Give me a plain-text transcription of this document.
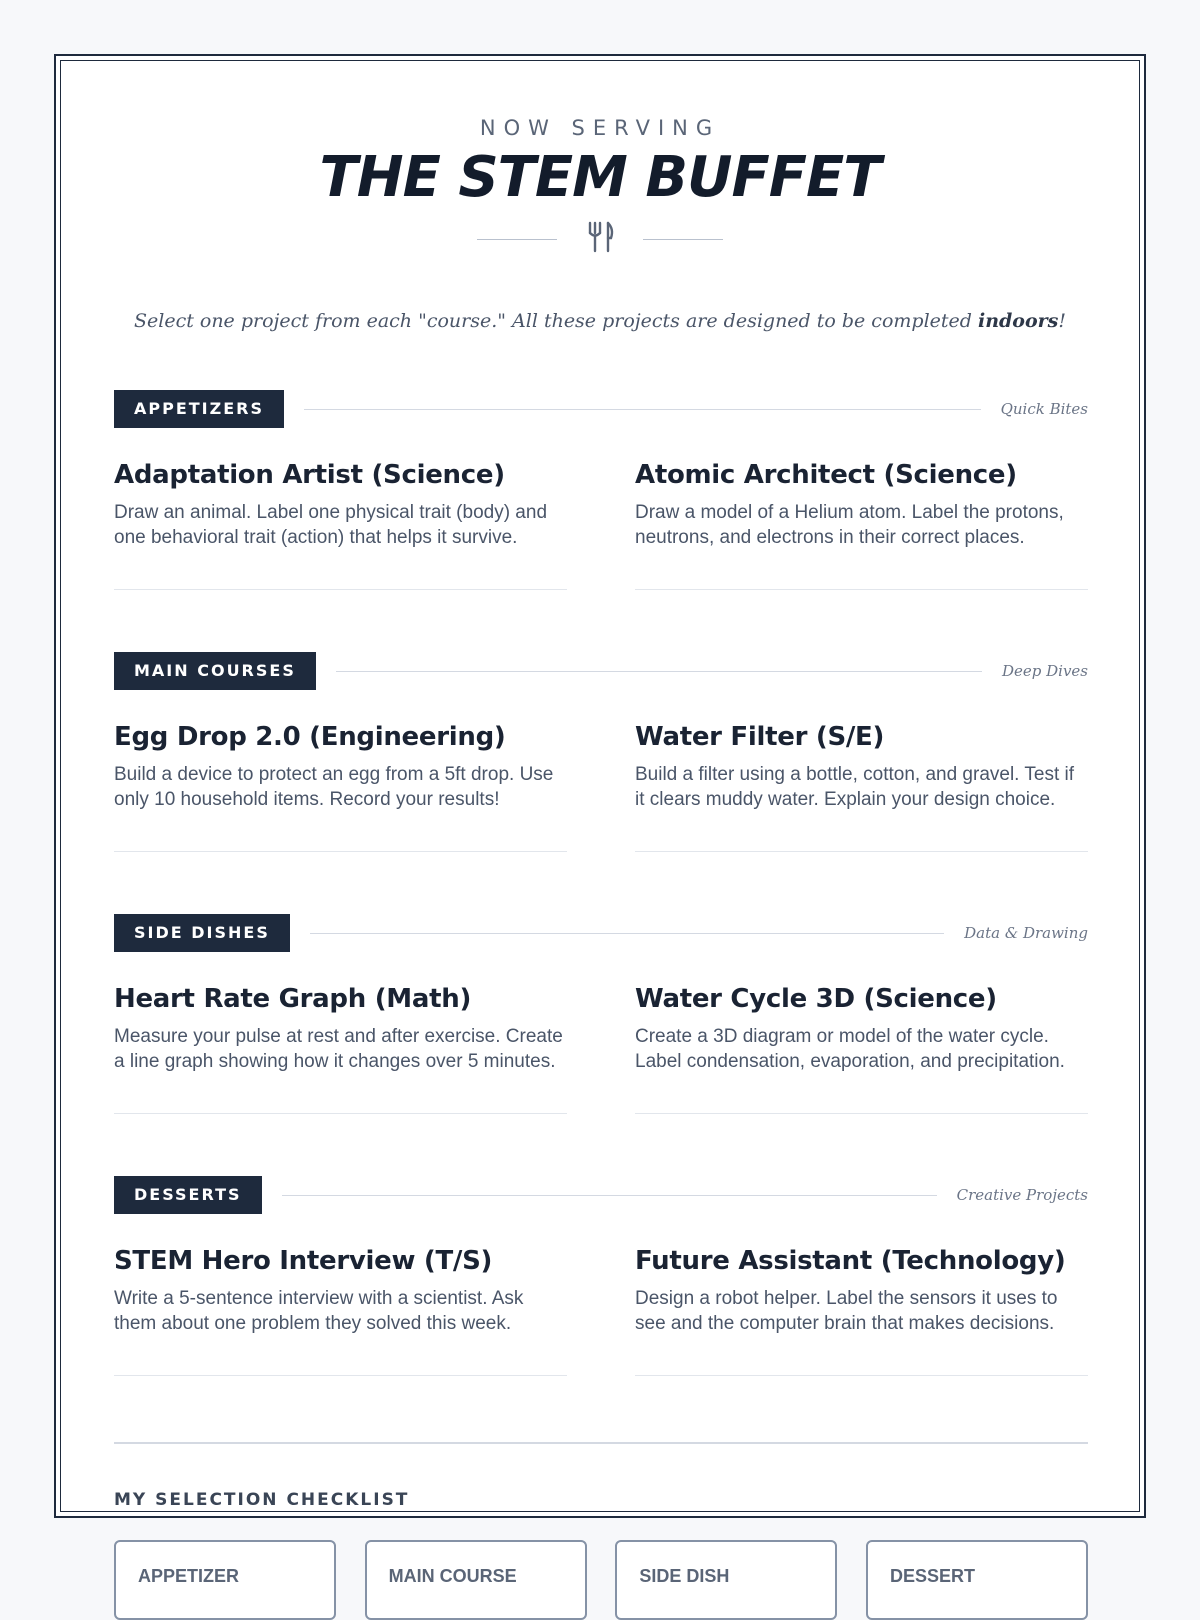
NOW SERVING
THE STEM BUFFET
Select one project from each "course." All these projects are designed to be completed indoors!
APPETIZERS	Quick Bites
Adaptation Artist (Science)
Draw an animal. Label one physical trait (body) and one behavioral trait (action) that helps it survive.
Atomic Architect (Science)
Draw a model of a Helium atom. Label the protons, neutrons, and electrons in their correct places.
MAIN COURSES	Deep Dives
Egg Drop 2.0 (Engineering)
Build a device to protect an egg from a 5ft drop. Use only 10 household items. Record your results!
Water Filter (S/E)
Build a filter using a bottle, cotton, and gravel. Test if it clears muddy water. Explain your design choice.
SIDE DISHES	Data & Drawing
Heart Rate Graph (Math)
Measure your pulse at rest and after exercise. Create a line graph showing how it changes over 5 minutes.
Water Cycle 3D (Science)
Create a 3D diagram or model of the water cycle. Label condensation, evaporation, and precipitation.
DESSERTS	Creative Projects
STEM Hero Interview (T/S)
Write a 5-sentence interview with a scientist. Ask them about one problem they solved this week.
Future Assistant (Technology)
Design a robot helper. Label the sensors it uses to see and the computer brain that makes decisions.
MY SELECTION CHECKLIST
APPETIZER	MAIN COURSE	SIDE DISH	DESSERT
